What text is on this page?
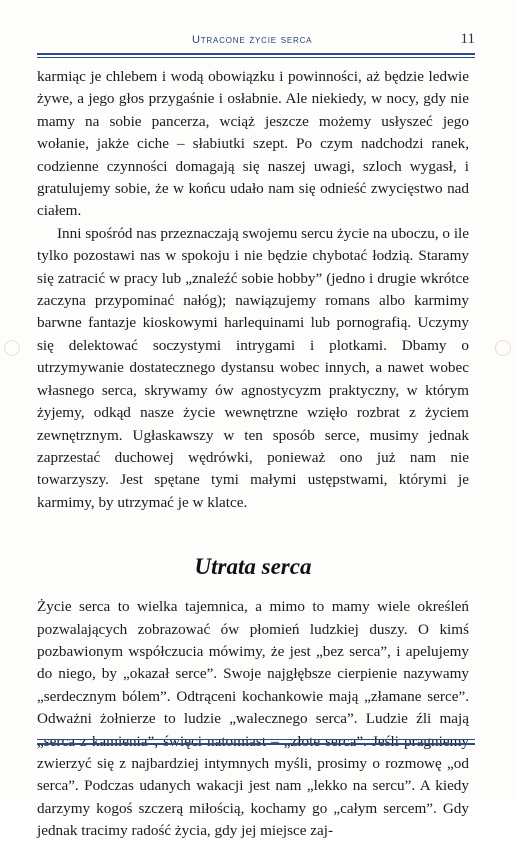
Utracone życie serca	11

karmiąc je chlebem i wodą obowiązku i powinności, aż będzie ledwie żywe, a jego głos przygaśnie i osłabnie. Ale niekiedy, w nocy, gdy nie mamy na sobie pancerza, wciąż jeszcze możemy usłyszeć jego wołanie, jakże ciche – słabiutki szept. Po czym nadchodzi ranek, codzienne czynności domagają się naszej uwagi, szloch wygasł, i gratulujemy sobie, że w końcu udało nam się odnieść zwycięstwo nad ciałem.

Inni spośród nas przeznaczają swojemu sercu życie na uboczu, o ile tylko pozostawi nas w spokoju i nie będzie chybotać łodzią. Staramy się zatracić w pracy lub „znaleźć sobie hobby” (jedno i drugie wkrótce zaczyna przypominać nałóg); nawiązujemy romans albo karmimy barwne fantazje kioskowymi harlequinami lub pornografią. Uczymy się delektować soczystymi intrygami i plotkami. Dbamy o utrzymywanie dostatecznego dystansu wobec innych, a nawet wobec własnego serca, skrywamy ów agnostycyzm praktyczny, w którym żyjemy, odkąd nasze życie wewnętrzne wzięło rozbrat z życiem zewnętrznym. Ugłaskawszy w ten sposób serce, musimy jednak zaprzestać duchowej wędrówki, ponieważ ono już nam nie towarzyszy. Jest spętane tymi małymi ustępstwami, którymi je karmimy, by utrzymać je w klatce.

Utrata serca

Życie serca to wielka tajemnica, a mimo to mamy wiele określeń pozwalających zobrazować ów płomień ludzkiej duszy. O kimś pozbawionym współczucia mówimy, że jest „bez serca”, i apelujemy do niego, by „okazał serce”. Swoje najgłębsze cierpienie nazywamy „serdecznym bólem”. Odtrąceni kochankowie mają „złamane serce”. Odważni żołnierze to ludzie „walecznego serca”. Ludzie źli mają „serca z kamienia”, święci natomiast – „złote serca”. Jeśli pragniemy zwierzyć się z najbardziej intymnych myśli, prosimy o rozmowę „od serca”. Podczas udanych wakacji jest nam „lekko na sercu”. A kiedy darzymy kogoś szczerą miłością, kochamy go „całym sercem”. Gdy jednak tracimy radość życia, gdy jej miejsce zaj-
